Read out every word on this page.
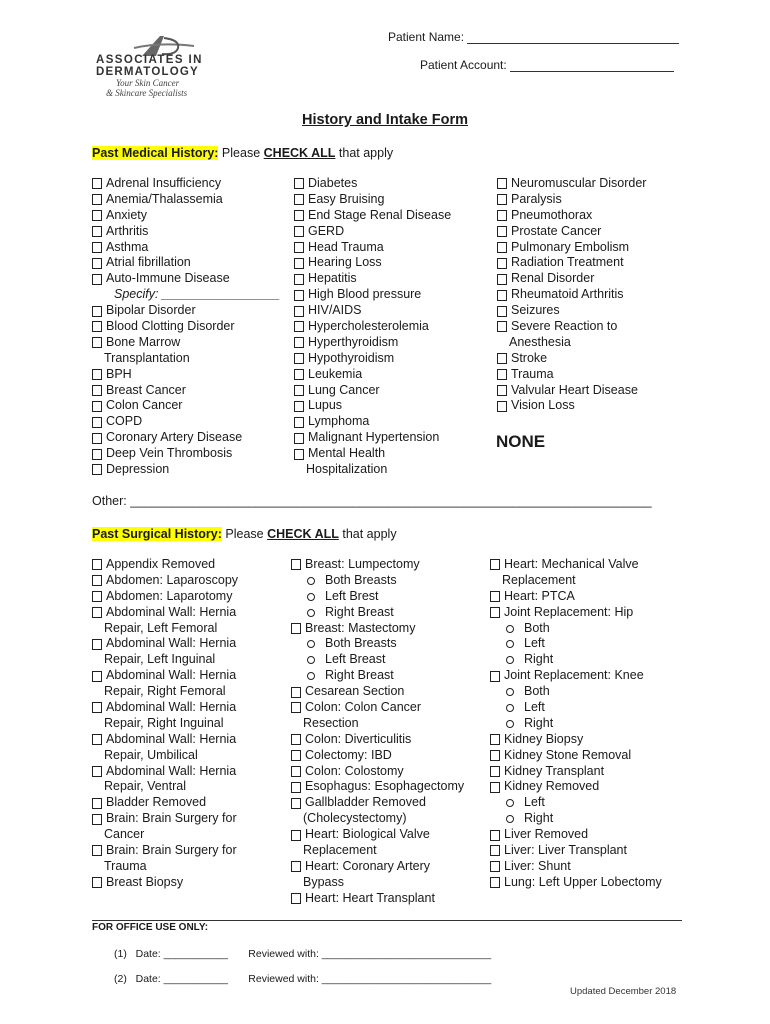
ASSOCIATES IN
DERMATOLOGY
Your Skin Cancer
& Skincare Specialists
Patient Name:
Patient Account:
History and Intake Form
Past Medical History: Please CHECK ALL that apply
Adrenal Insufficiency
Anemia/Thalassemia
Anxiety
Arthritis
Asthma
Atrial fibrillation
Auto-Immune Disease
Specify: _________________
Bipolar Disorder
Blood Clotting Disorder
Bone Marrow
Transplantation
BPH
Breast Cancer
Colon Cancer
COPD
Coronary Artery Disease
Deep Vein Thrombosis
Depression
Diabetes
Easy Bruising
End Stage Renal Disease
GERD
Head Trauma
Hearing Loss
Hepatitis
High Blood pressure
HIV/AIDS
Hypercholesterolemia
Hyperthyroidism
Hypothyroidism
Leukemia
Lung Cancer
Lupus
Lymphoma
Malignant Hypertension
Mental Health
Hospitalization
Neuromuscular Disorder
Paralysis
Pneumothorax
Prostate Cancer
Pulmonary Embolism
Radiation Treatment
Renal Disorder
Rheumatoid Arthritis
Seizures
Severe Reaction to
Anesthesia
Stroke
Trauma
Valvular Heart Disease
Vision Loss
NONE
Other: ___________________________________________________________________________
Past Surgical History: Please CHECK ALL that apply
Appendix Removed
Abdomen: Laparoscopy
Abdomen: Laparotomy
Abdominal Wall: Hernia
Repair, Left Femoral
Abdominal Wall: Hernia
Repair, Left Inguinal
Abdominal Wall: Hernia
Repair, Right Femoral
Abdominal Wall: Hernia
Repair, Right Inguinal
Abdominal Wall: Hernia
Repair, Umbilical
Abdominal Wall: Hernia
Repair, Ventral
Bladder Removed
Brain: Brain Surgery for
Cancer
Brain: Brain Surgery for
Trauma
Breast Biopsy
Breast: Lumpectomy
Both Breasts
Left Brest
Right Breast
Breast: Mastectomy
Both Breasts
Left Breast
Right Breast
Cesarean Section
Colon: Colon Cancer
Resection
Colon: Diverticulitis
Colectomy: IBD
Colon: Colostomy
Esophagus: Esophagectomy
Gallbladder Removed
(Cholecystectomy)
Heart: Biological Valve
Replacement
Heart: Coronary Artery
Bypass
Heart: Heart Transplant
Heart: Mechanical Valve
Replacement
Heart: PTCA
Joint Replacement: Hip
Both
Left
Right
Joint Replacement: Knee
Both
Left
Right
Kidney Biopsy
Kidney Stone Removal
Kidney Transplant
Kidney Removed
Left
Right
Liver Removed
Liver: Liver Transplant
Liver: Shunt
Lung: Left Upper Lobectomy
FOR OFFICE USE ONLY:
(1) Date: ___________ Reviewed with: _____________________________
(2) Date: ___________ Reviewed with: _____________________________
Updated December 2018
